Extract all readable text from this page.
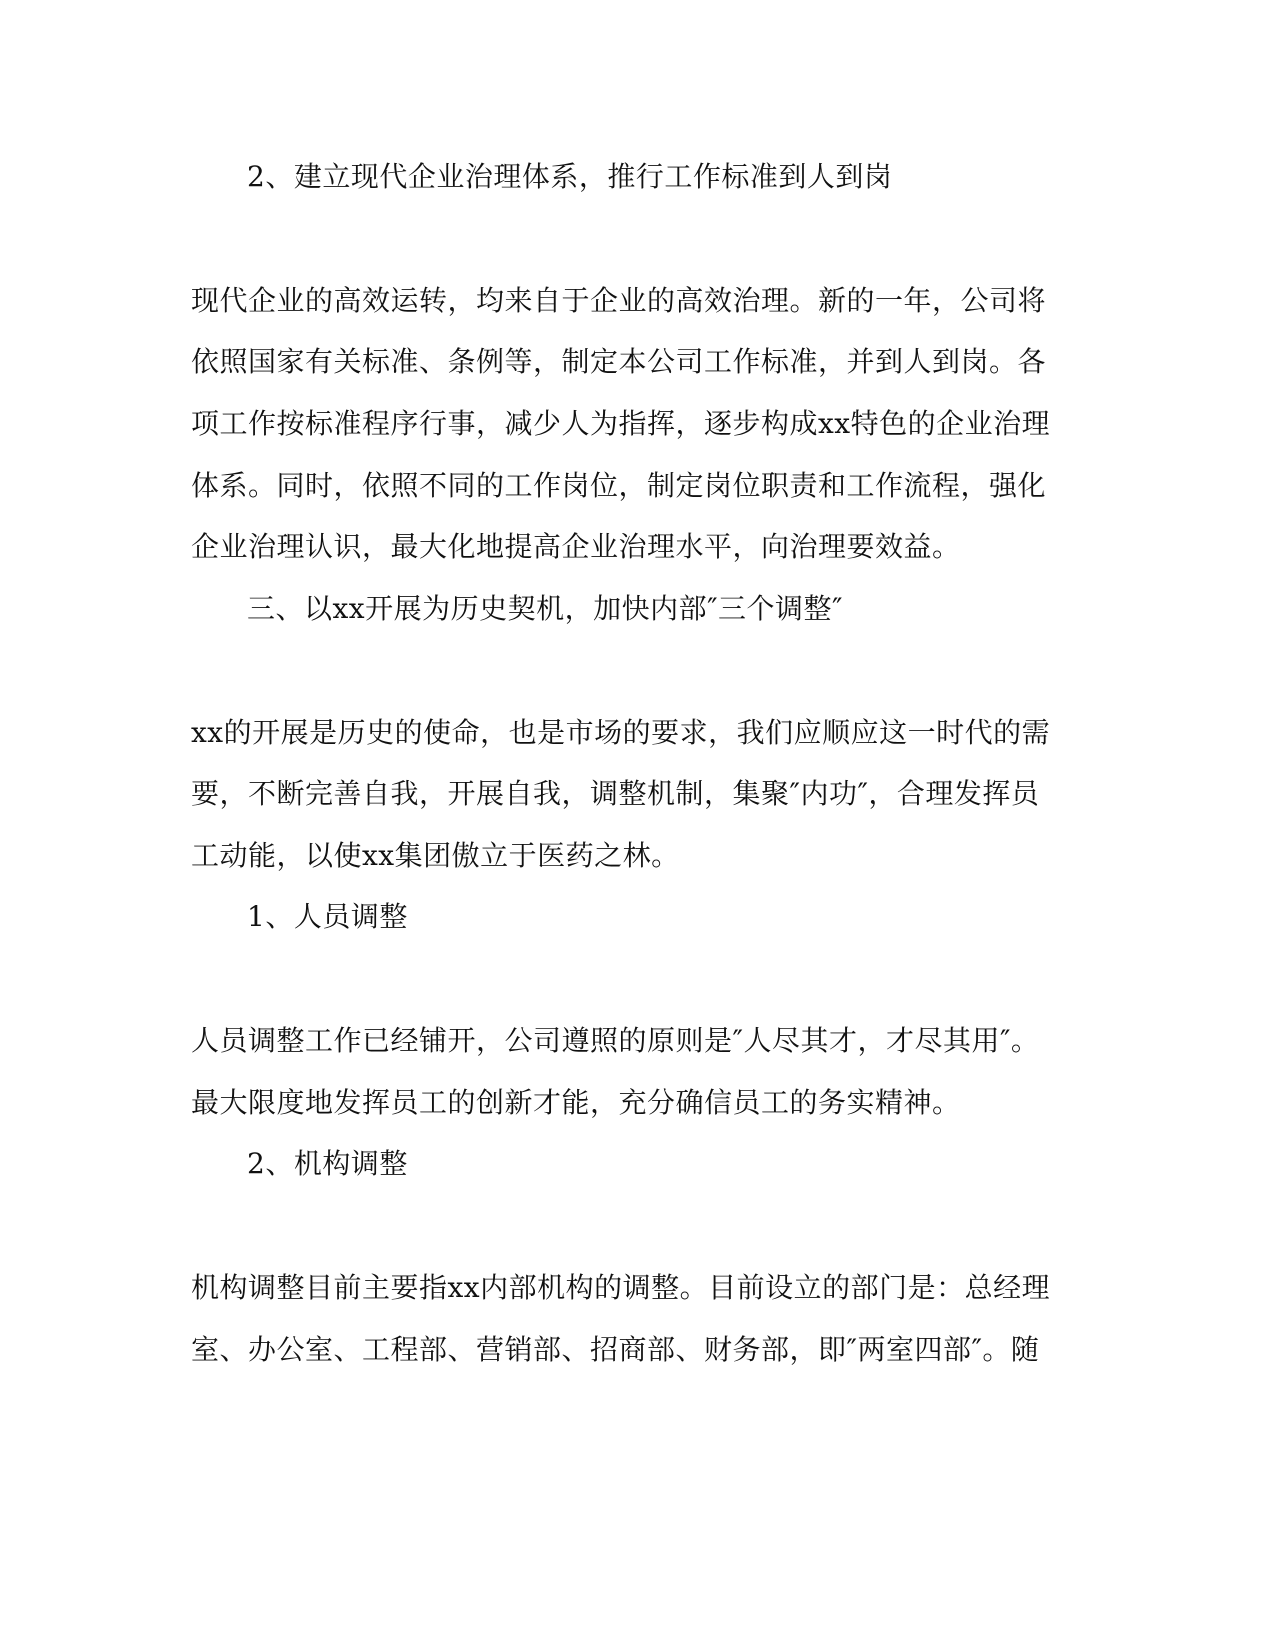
2、建立现代企业治理体系，推行工作标准到人到岗
现代企业的高效运转，均来自于企业的高效治理。新的一年，公司将
依照国家有关标准、条例等，制定本公司工作标准，并到人到岗。各
项工作按标准程序行事，减少人为指挥，逐步构成xx特色的企业治理
体系。同时，依照不同的工作岗位，制定岗位职责和工作流程，强化
企业治理认识，最大化地提高企业治理水平，向治理要效益。
三、以xx开展为历史契机，加快内部″三个调整″
xx的开展是历史的使命，也是市场的要求，我们应顺应这一时代的需
要，不断完善自我，开展自我，调整机制，集聚″内功″，合理发挥员
工动能，以使xx集团傲立于医药之林。
1、人员调整
人员调整工作已经铺开，公司遵照的原则是″人尽其才，才尽其用″。
最大限度地发挥员工的创新才能，充分确信员工的务实精神。
2、机构调整
机构调整目前主要指xx内部机构的调整。目前设立的部门是：总经理
室、办公室、工程部、营销部、招商部、财务部，即″两室四部″。随
